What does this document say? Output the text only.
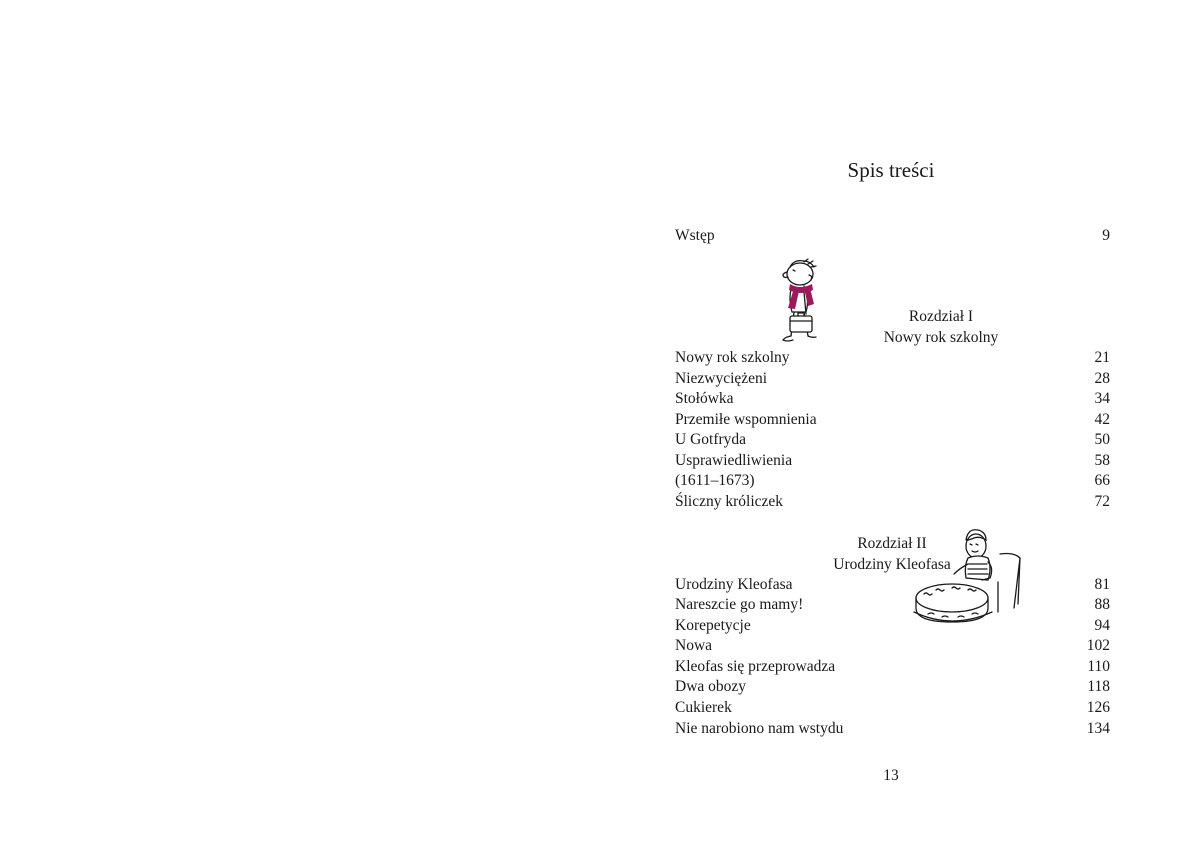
Spis treści
Wstęp	9
Rozdział I
Nowy rok szkolny
Nowy rok szkolny	21
Niezwyciężeni	28
Stołówka	34
Przemiłe wspomnienia	42
U Gotfryda	50
Usprawiedliwienia	58
(1611–1673)	66
Śliczny króliczek	72
Rozdział II
Urodziny Kleofasa
Urodziny Kleofasa	81
Nareszcie go mamy!	88
Korepetycje	94
Nowa	102
Kleofas się przeprowadza	110
Dwa obozy	118
Cukierek	126
Nie narobiono nam wstydu	134
13
